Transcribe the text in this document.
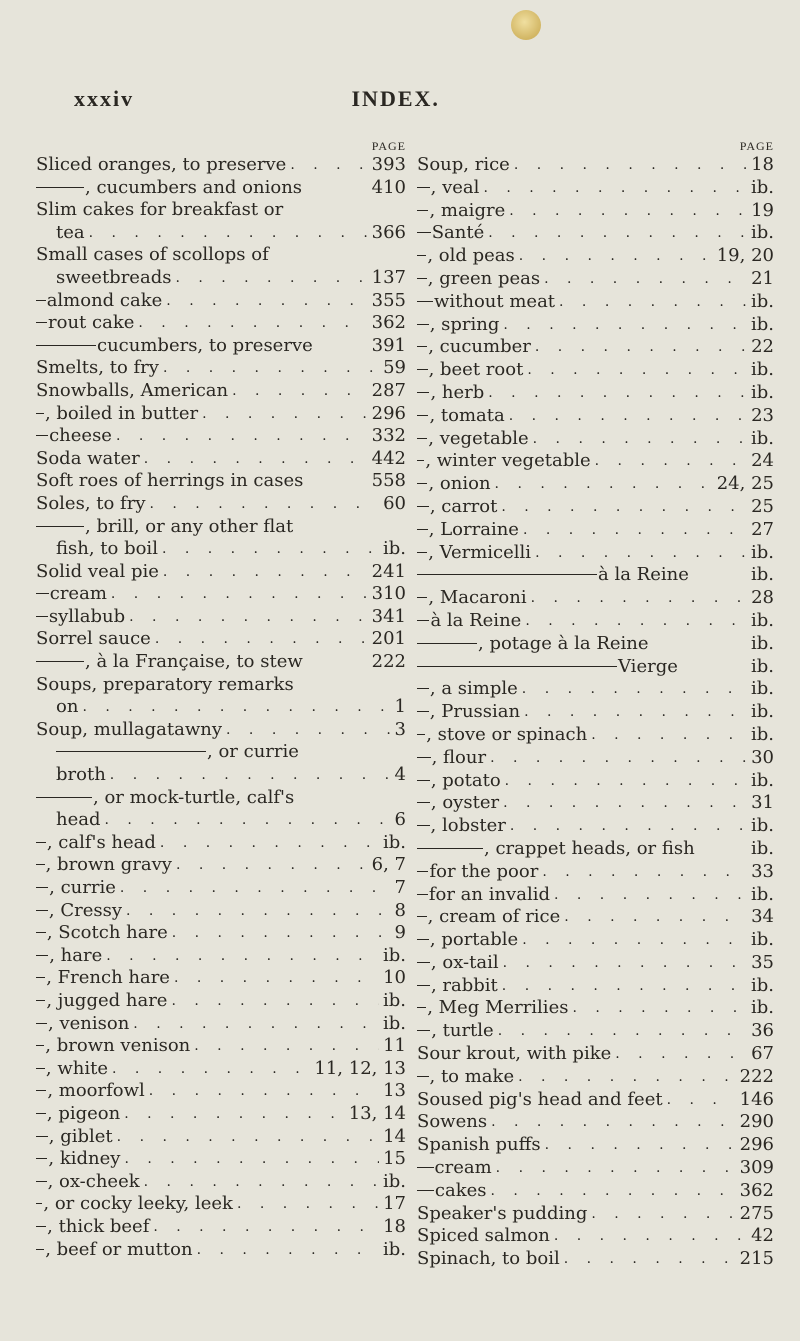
xxxiv	INDEX.
PAGE
Sliced oranges, to preserve . . .	393
, cucumbers and onions	410
Slim cakes for breakfast or
tea . . .	366
Small cases of scollops of
sweetbreads . . .	137
almond cake . . .	355
rout cake . . .	362
cucumbers, to preserve	391
Smelts, to fry . . .	59
Snowballs, American . . .	287
, boiled in butter . . .	296
cheese . . .	332
Soda water . . .	442
Soft roes of herrings in cases	558
Soles, to fry . . .	60
, brill, or any other flat
fish, to boil . . .	ib.
Solid veal pie . . .	241
cream . . .	310
syllabub . . .	341
Sorrel sauce . . .	201
, à la Française, to stew	222
Soups, preparatory remarks
on . . .	1
Soup, mullagatawny . . .	3
, or currie
broth . . .	4
, or mock-turtle, calf's
head . . .	6
, calf's head . . .	ib.
, brown gravy . . .	6, 7
, currie . . .	7
, Cressy . . .	8
, Scotch hare . . .	9
, hare . . .	ib.
, French hare . . .	10
, jugged hare . . .	ib.
, venison . . .	ib.
, brown venison . . .	11
, white . . .	11, 12, 13
, moorfowl . . .	13
, pigeon . . .	13, 14
, giblet . . .	14
, kidney . . .	15
, ox-cheek . . .	ib.
, or cocky leeky, leek . . .	17
, thick beef . . .	18
, beef or mutton . . .	ib.
PAGE
Soup, rice . . .	18
, veal . . .	ib.
, maigre . . .	19
Santé . . .	ib.
, old peas . . .	19, 20
, green peas . . .	21
without meat . . .	ib.
, spring . . .	ib.
, cucumber . . .	22
, beet root . . .	ib.
, herb . . .	ib.
, tomata . . .	23
, vegetable . . .	ib.
, winter vegetable . . .	24
, onion . . .	24, 25
, carrot . . .	25
, Lorraine . . .	27
, Vermicelli . . .	ib.
à la Reine	ib.
, Macaroni . . .	28
à la Reine . . .	ib.
, potage à la Reine	ib.
Vierge	ib.
, a simple . . .	ib.
, Prussian . . .	ib.
, stove or spinach . . .	ib.
, flour . . .	30
, potato . . .	ib.
, oyster . . .	31
, lobster . . .	ib.
, crappet heads, or fish	ib.
for the poor . . .	33
for an invalid . . .	ib.
, cream of rice . . .	34
, portable . . .	ib.
, ox-tail . . .	35
, rabbit . . .	ib.
, Meg Merrilies . . .	ib.
, turtle . . .	36
Sour krout, with pike . . .	67
, to make . . .	222
Soused pig's head and feet . . .	146
Sowens . . .	290
Spanish puffs . . .	296
cream . . .	309
cakes . . .	362
Speaker's pudding . . .	275
Spiced salmon . . .	42
Spinach, to boil . . .	215
